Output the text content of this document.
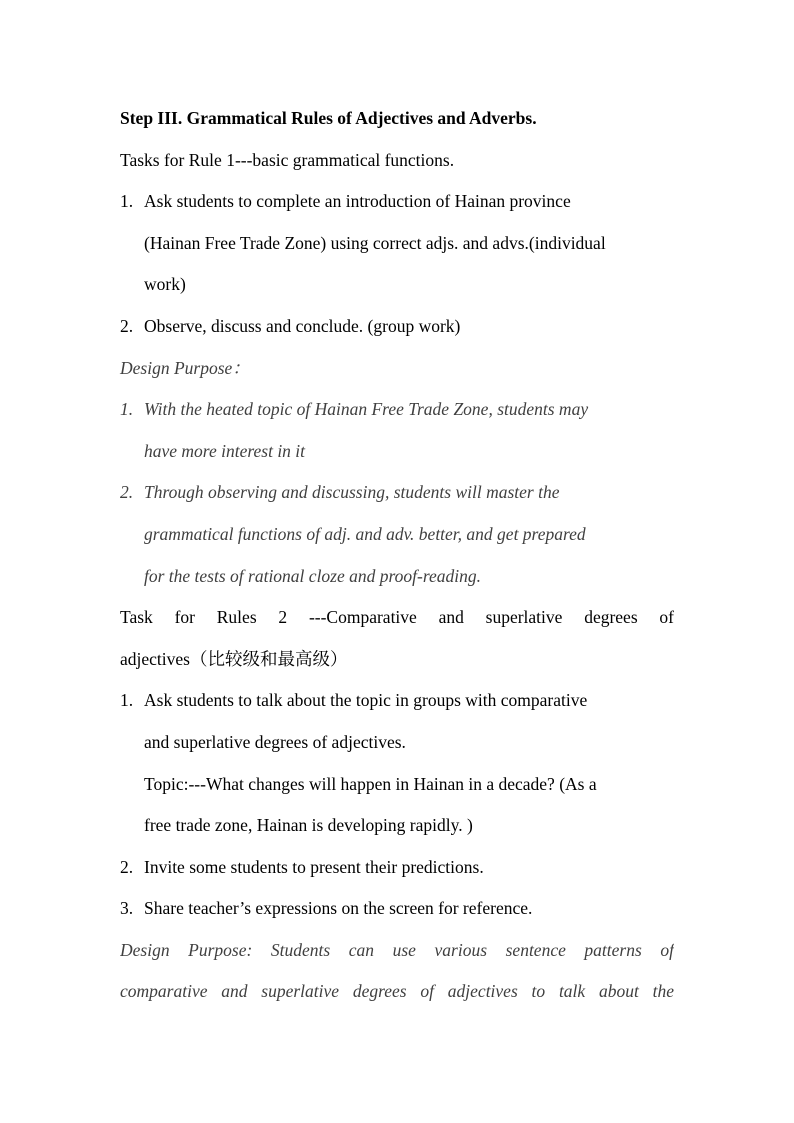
Step III. Grammatical Rules of Adjectives and Adverbs.
Tasks for Rule 1---basic grammatical functions.
1. Ask students to complete an introduction of Hainan province
(Hainan Free Trade Zone) using correct adjs. and advs.(individual
work)
2. Observe, discuss and conclude. (group work)
Design Purpose：
1. With the heated topic of Hainan Free Trade Zone, students may
have more interest in it
2. Through observing and discussing, students will master the
grammatical functions of adj. and adv. better, and get prepared
for the tests of rational cloze and proof-reading.
Task for Rules 2 ---Comparative and superlative degrees of
adjectives（比较级和最高级）
1. Ask students to talk about the topic in groups with comparative
and superlative degrees of adjectives.
Topic:---What changes will happen in Hainan in a decade? (As a
free trade zone, Hainan is developing rapidly. )
2. Invite some students to present their predictions.
3. Share teacher’s expressions on the screen for reference.
Design Purpose: Students can use various sentence patterns of
comparative and superlative degrees of adjectives to talk about the
